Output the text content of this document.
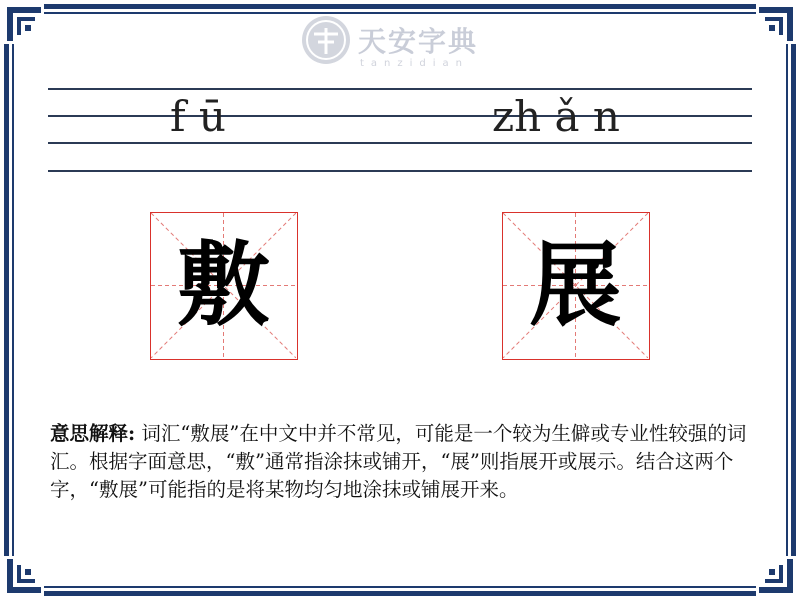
天安字典
tanzidian
f ū	zh ǎ n
敷	展
意思解释: 词汇“敷展”在中文中并不常见，可能是一个较为生僻或专业性较强的词汇。根据字面意思，“敷”通常指涂抹或铺开，“展”则指展开或展示。结合这两个字，“敷展”可能指的是将某物均匀地涂抹或铺展开来。
